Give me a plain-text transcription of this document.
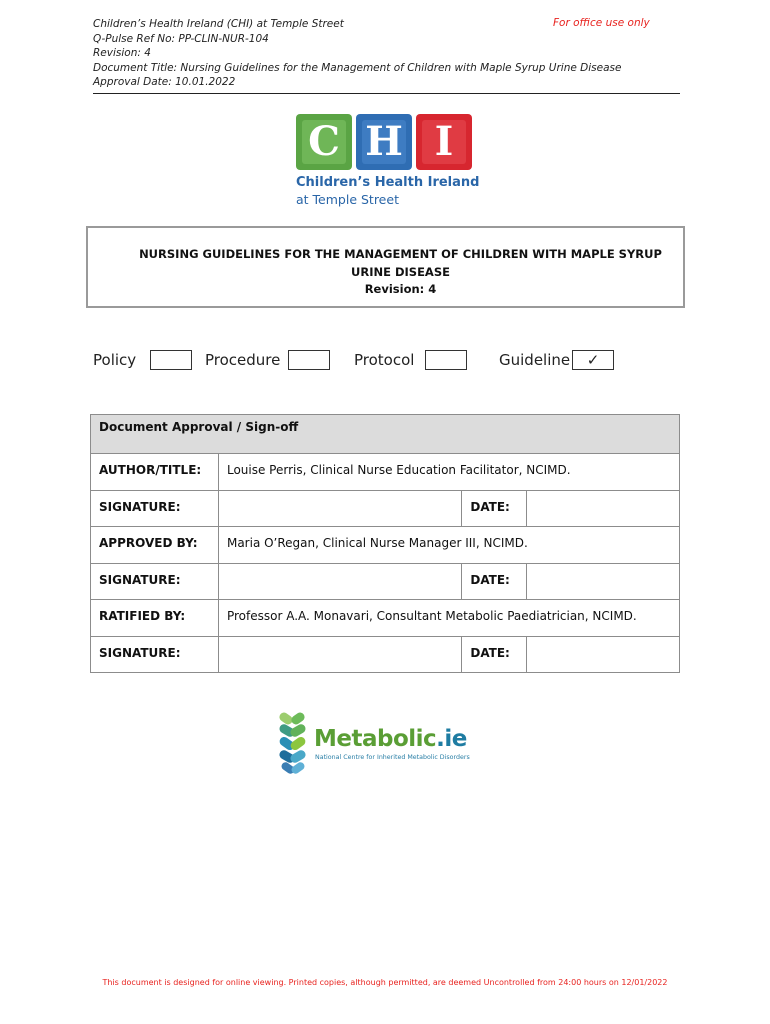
Children’s Health Ireland (CHI) at Temple Street
Q-Pulse Ref No: PP-CLIN-NUR-104
Revision: 4
Document Title: Nursing Guidelines for the Management of Children with Maple Syrup Urine Disease
Approval Date: 10.01.2022
For office use only
C H I
Children’s Health Ireland
at Temple Street
NURSING GUIDELINES FOR THE MANAGEMENT OF CHILDREN WITH MAPLE SYRUP
URINE DISEASE
Revision: 4
Policy	Procedure	Protocol	Guideline	✓
Document Approval / Sign-off			
AUTHOR/TITLE:	Louise Perris, Clinical Nurse Education Facilitator, NCIMD.		
SIGNATURE:		DATE:	
APPROVED BY:	Maria O’Regan, Clinical Nurse Manager III, NCIMD.		
SIGNATURE:		DATE:	
RATIFIED BY:	Professor A.A. Monavari, Consultant Metabolic Paediatrician, NCIMD.		
SIGNATURE:		DATE:	
Metabolic.ie
National Centre for Inherited Metabolic Disorders
This document is designed for online viewing. Printed copies, although permitted, are deemed Uncontrolled from 24:00 hours on 12/01/2022
